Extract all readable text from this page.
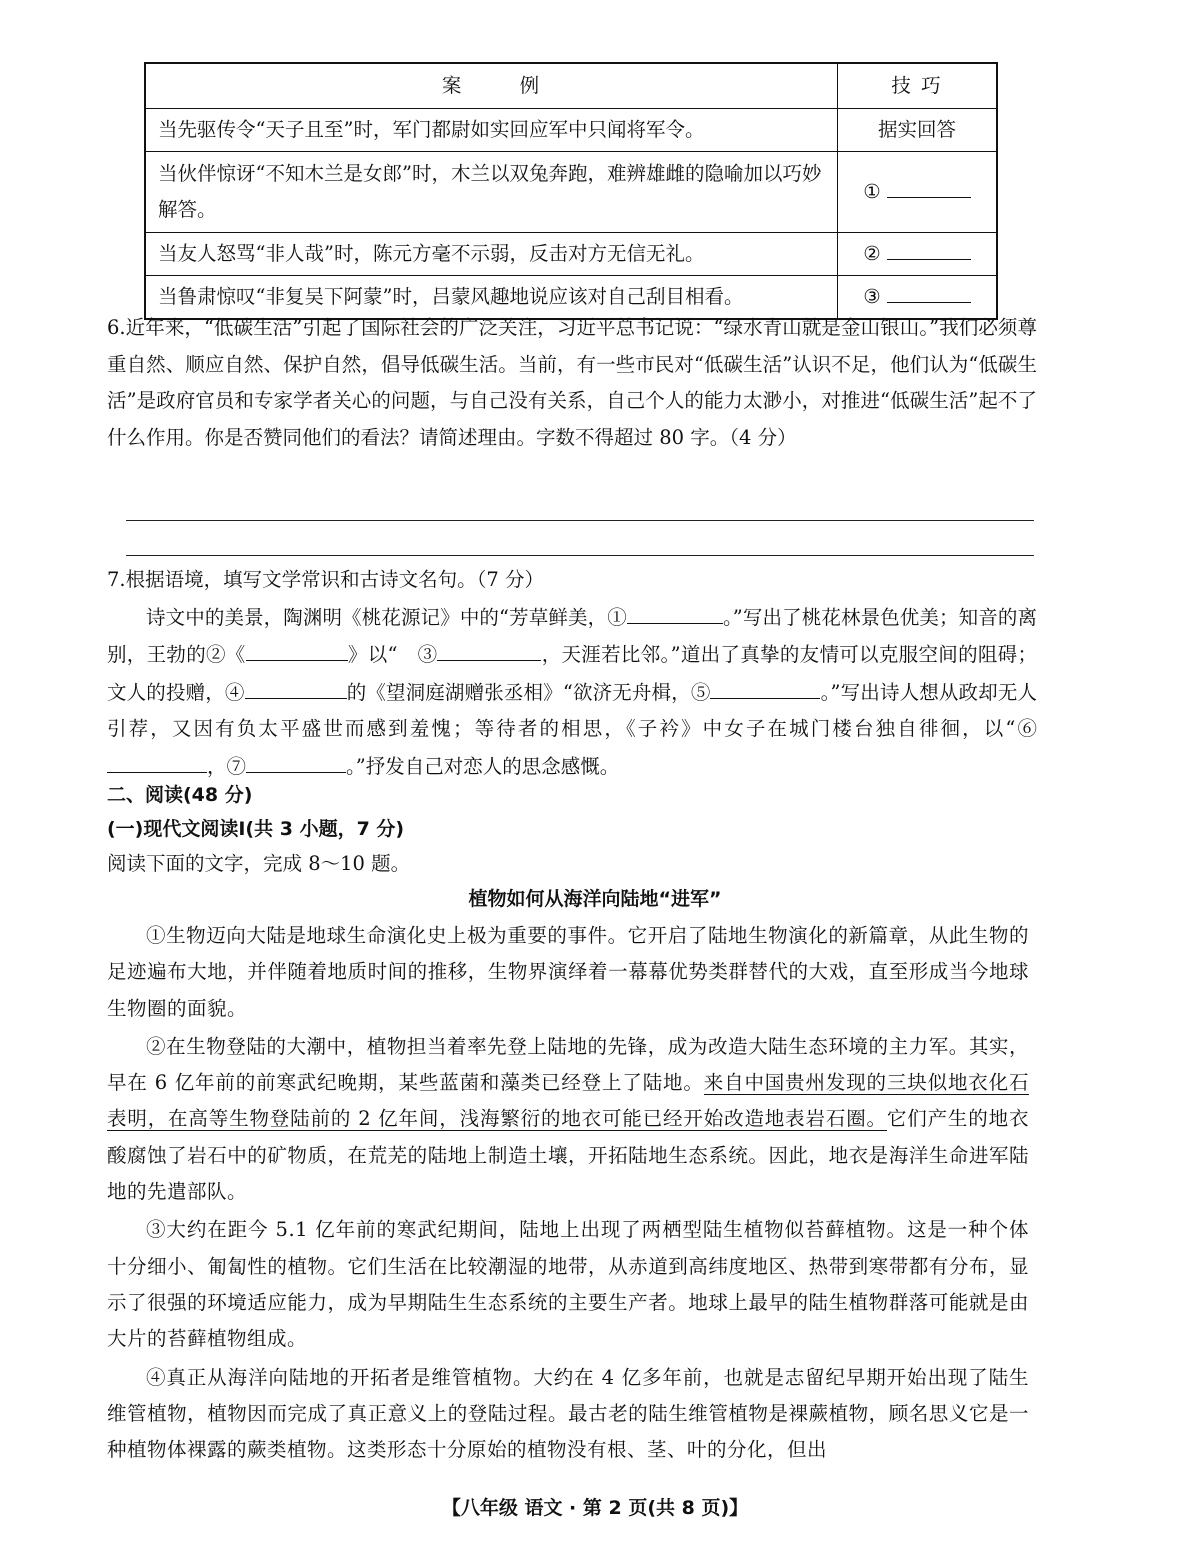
案 例	技 巧
当先驱传令“天子且至”时，军门都尉如实回应军中只闻将军令。	据实回答
当伙伴惊讶“不知木兰是女郎”时，木兰以双兔奔跑，难辨雄雌的隐喻加以巧妙解答。	①
当友人怒骂“非人哉”时，陈元方毫不示弱，反击对方无信无礼。	②
当鲁肃惊叹“非复吴下阿蒙”时，吕蒙风趣地说应该对自己刮目相看。	③
6.近年来，“低碳生活”引起了国际社会的广泛关注，习近平总书记说：“绿水青山就是金山银山。”我们必须尊重自然、顺应自然、保护自然，倡导低碳生活。当前，有一些市民对“低碳生活”认识不足，他们认为“低碳生活”是政府官员和专家学者关心的问题，与自己没有关系，自己个人的能力太渺小，对推进“低碳生活”起不了什么作用。你是否赞同他们的看法？请简述理由。字数不得超过 80 字。（4 分）
7.根据语境，填写文学常识和古诗文名句。（7 分）
诗文中的美景，陶渊明《桃花源记》中的“芳草鲜美，①	。”写出了桃花林景色优美；知音的离别，王勃的②《	》以“　③	，天涯若比邻。”道出了真挚的友情可以克服空间的阻碍；文人的投赠，④	的《望洞庭湖赠张丞相》“欲济无舟楫，⑤	。”写出诗人想从政却无人引荐，又因有负太平盛世而感到羞愧；等待者的相思，《子衿》中女子在城门楼台独自徘徊，以“⑥，⑦	。”抒发自己对恋人的思念感慨。
二、阅读(48 分)
(一)现代文阅读Ⅰ(共 3 小题，7 分)
阅读下面的文字，完成 8～10 题。
植物如何从海洋向陆地“进军”

①生物迈向大陆是地球生命演化史上极为重要的事件。它开启了陆地生物演化的新篇章，从此生物的足迹遍布大地，并伴随着地质时间的推移，生物界演绎着一幕幕优势类群替代的大戏，直至形成当今地球生物圈的面貌。

②在生物登陆的大潮中，植物担当着率先登上陆地的先锋，成为改造大陆生态环境的主力军。其实，早在 6 亿年前的前寒武纪晚期，某些蓝菌和藻类已经登上了陆地。来自中国贵州发现的三块似地衣化石表明，在高等生物登陆前的 2 亿年间，浅海繁衍的地衣可能已经开始改造地表岩石圈。它们产生的地衣酸腐蚀了岩石中的矿物质，在荒芜的陆地上制造土壤，开拓陆地生态系统。因此，地衣是海洋生命进军陆地的先遣部队。

③大约在距今 5.1 亿年前的寒武纪期间，陆地上出现了两栖型陆生植物似苔藓植物。这是一种个体十分细小、匍匐性的植物。它们生活在比较潮湿的地带，从赤道到高纬度地区、热带到寒带都有分布，显示了很强的环境适应能力，成为早期陆生生态系统的主要生产者。地球上最早的陆生植物群落可能就是由大片的苔藓植物组成。

④真正从海洋向陆地的开拓者是维管植物。大约在 4 亿多年前，也就是志留纪早期开始出现了陆生维管植物，植物因而完成了真正意义上的登陆过程。最古老的陆生维管植物是裸蕨植物，顾名思义它是一种植物体裸露的蕨类植物。这类形态十分原始的植物没有根、茎、叶的分化，但出

【八年级 语文 · 第 2 页(共 8 页)】
